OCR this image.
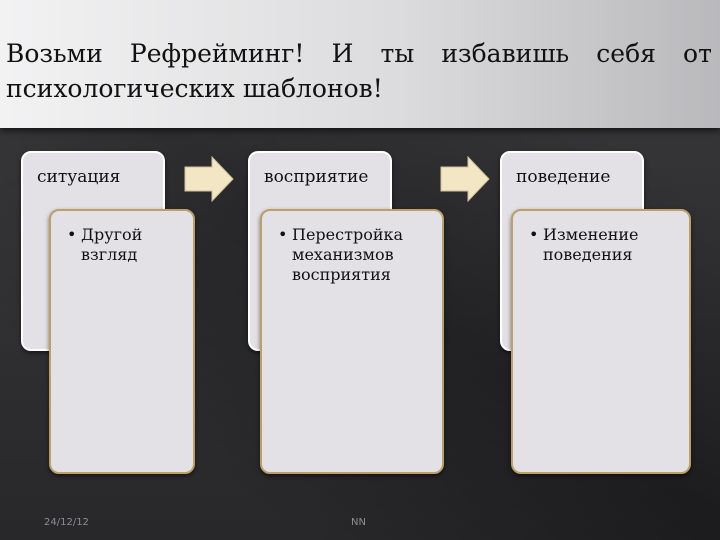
Возьми Рефрейминг! И ты избавишь себя от
психологических шаблонов!
ситуация
• Другой взгляд
восприятие
• Перестройка механизмов восприятия
поведение
• Изменение поведения
24/12/12	NN
